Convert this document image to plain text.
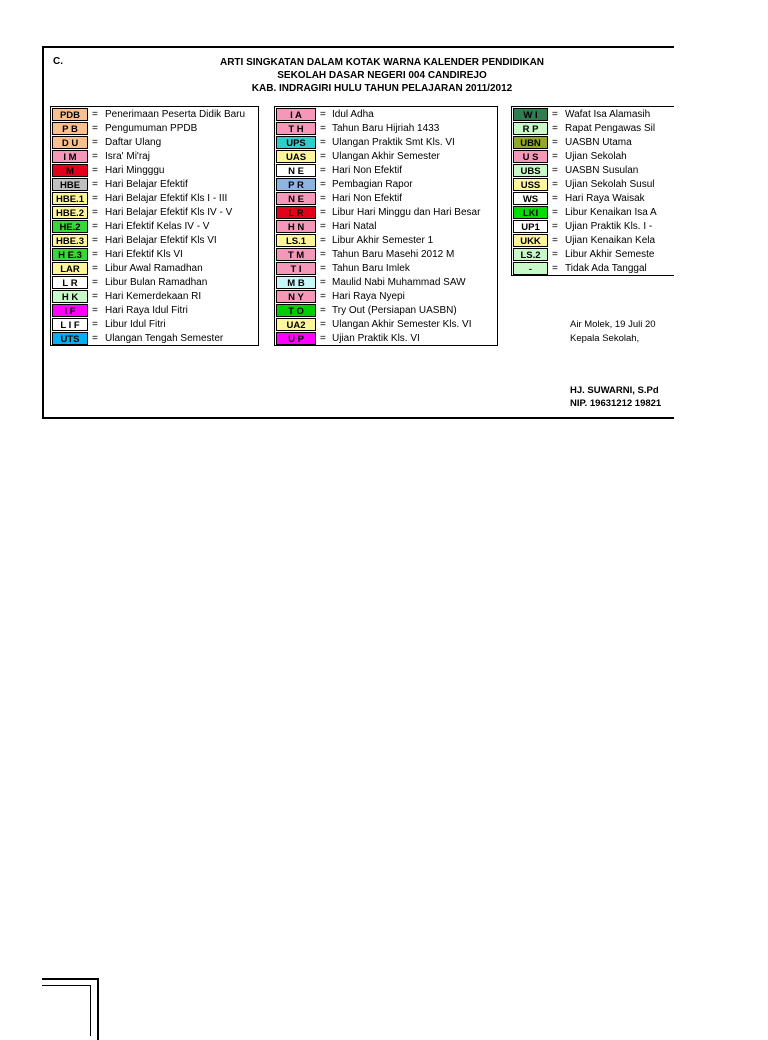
C.	ARTI SINGKATAN DALAM KOTAK WARNA KALENDER PENDIDIKAN
SEKOLAH DASAR NEGERI 004 CANDIREJO
KAB. INDRAGIRI HULU TAHUN PELAJARAN 2011/2012
PDB	= Penerimaan Peserta Didik Baru
P B	= Pengumuman PPDB
D U	= Daftar Ulang
I M	= Isra' Mi'raj
M	= Hari Mingggu
HBE	= Hari Belajar Efektif
HBE.1 = Hari Belajar Efektif Kls I - III
HBE.2 = Hari Belajar Efektif Kls IV - V
HE.2	= Hari Efektif Kelas IV - V
HBE.3 = Hari Belajar Efektif Kls VI
H E.3	= Hari Efektif Kls VI
LAR	= Libur Awal Ramadhan
L R	= Libur Bulan Ramadhan
H K	= Hari Kemerdekaan RI
I F	= Hari Raya Idul Fitri
L I F	= Libur Idul Fitri
UTS	= Ulangan Tengah Semester
I A	= Idul Adha
T H	= Tahun Baru Hijriah 1433
UPS	= Ulangan Praktik Smt Kls. VI
UAS	= Ulangan Akhir Semester
N E	= Hari Non Efektif
P R	= Pembagian Rapor
N E	= Hari Non Efektif
L R	= Libur Hari Minggu dan Hari Besar
H N	= Hari Natal
LS.1	= Libur Akhir Semester 1
T M	= Tahun Baru Masehi 2012 M
T I	= Tahun Baru Imlek
M B	= Maulid Nabi Muhammad SAW
N Y	= Hari Raya Nyepi
T O	= Try Out (Persiapan UASBN)
UA2	= Ulangan Akhir Semester Kls. VI
U P	= Ujian Praktik Kls. VI
W I	= Wafat Isa Alamasih
R P	= Rapat Pengawas Sil
UBN	= UASBN Utama
U S	= Ujian Sekolah
UBS	= UASBN Susulan
USS	= Ujian Sekolah Susul
WS	= Hari Raya Waisak
LKI	= Libur Kenaikan Isa A
UP1	= Ujian Praktik Kls. I -
UKK	= Ujian Kenaikan Kela
LS.2	= Libur Akhir Semeste
-	= Tidak Ada Tanggal
Air Molek, 19 Juli 20
Kepala Sekolah,
HJ. SUWARNI, S.Pd
NIP. 19631212 19821
